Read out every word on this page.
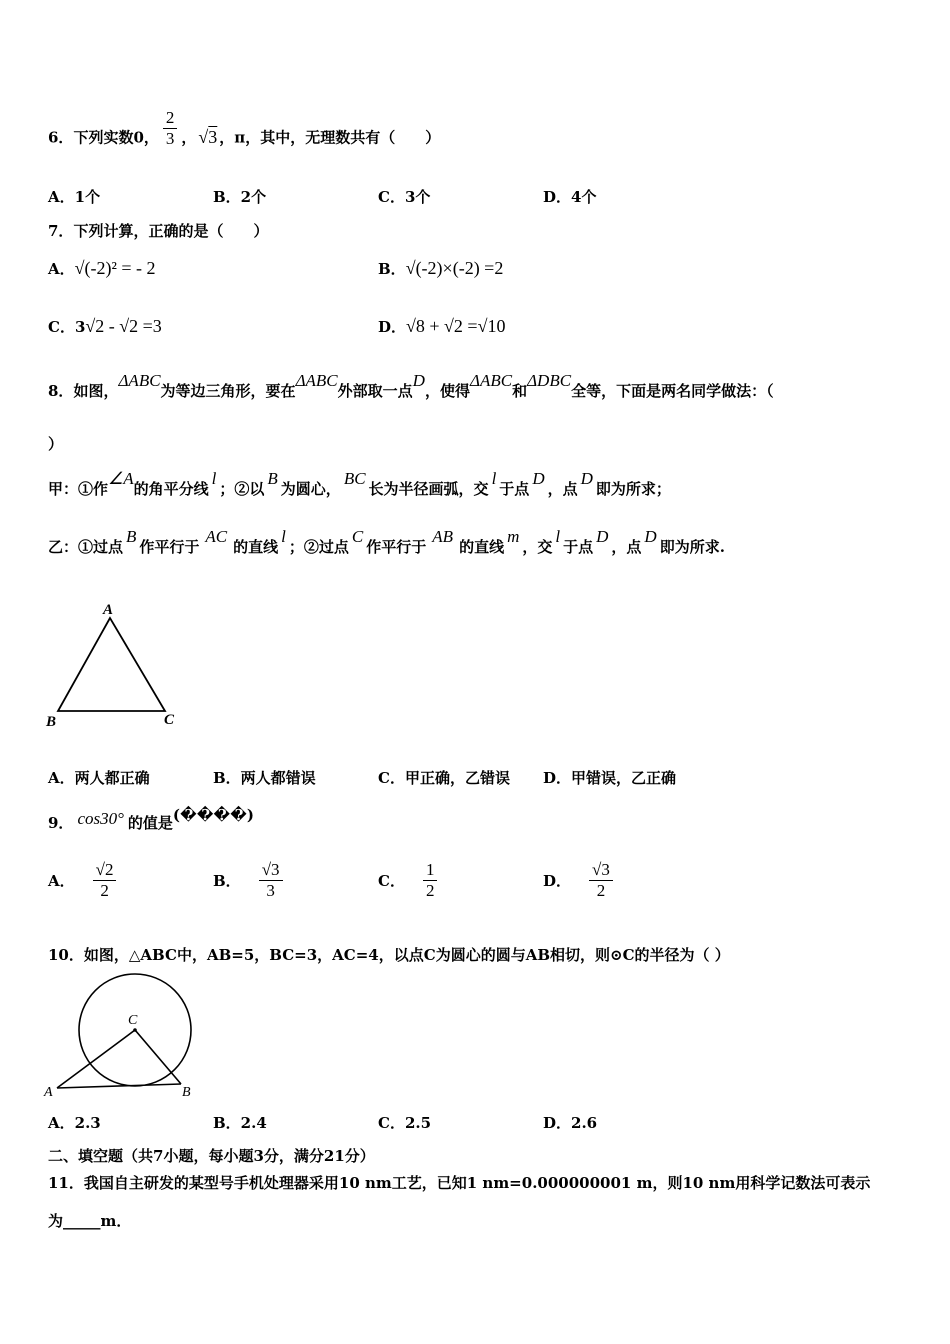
6．下列实数0， $\frac{2}{3}$ ， √3 ，π，其中，无理数共有（　　）
A．1个	B．2个	C．3个	D．4个
7．下列计算，正确的是（　　）
A．√(-2)² = - 2	B．√(-2)×(-2) =2
C．3√2 - √2 =3	D．√8 + √2 =√10
8．如图，ΔABC为等边三角形，要在ΔABC外部取一点D，使得ΔABC和ΔDBC全等，下面是两名同学做法：（
）
甲：①作∠A的角平分线l；②以B为圆心，BC长为半径画弧，交l于点D，点D即为所求；
乙：①过点B作平行于AC的直线l；②过点C作平行于AB的直线m，交l于点D，点D即为所求.
A
B	C
A．两人都正确	B．两人都错误	C．甲正确，乙错误 D．甲错误，乙正确
9． cos30° 的值是(����)
A． $\frac{√2}{2}$	B． $\frac{√3}{3}$	C． $\frac{1}{2}$	D． $\frac{√3}{2}$
10．如图，△ABC中，AB=5，BC=3，AC=4，以点C为圆心的圆与AB相切，则⊙C的半径为（ ）
C
A	B
A．2.3	B．2.4	C．2.5	D．2.6
二、填空题（共7小题，每小题3分，满分21分）
11．我国自主研发的某型号手机处理器采用10 nm工艺，已知1 nm=0.000000001 m，则10 nm用科学记数法可表示
为_____m．
